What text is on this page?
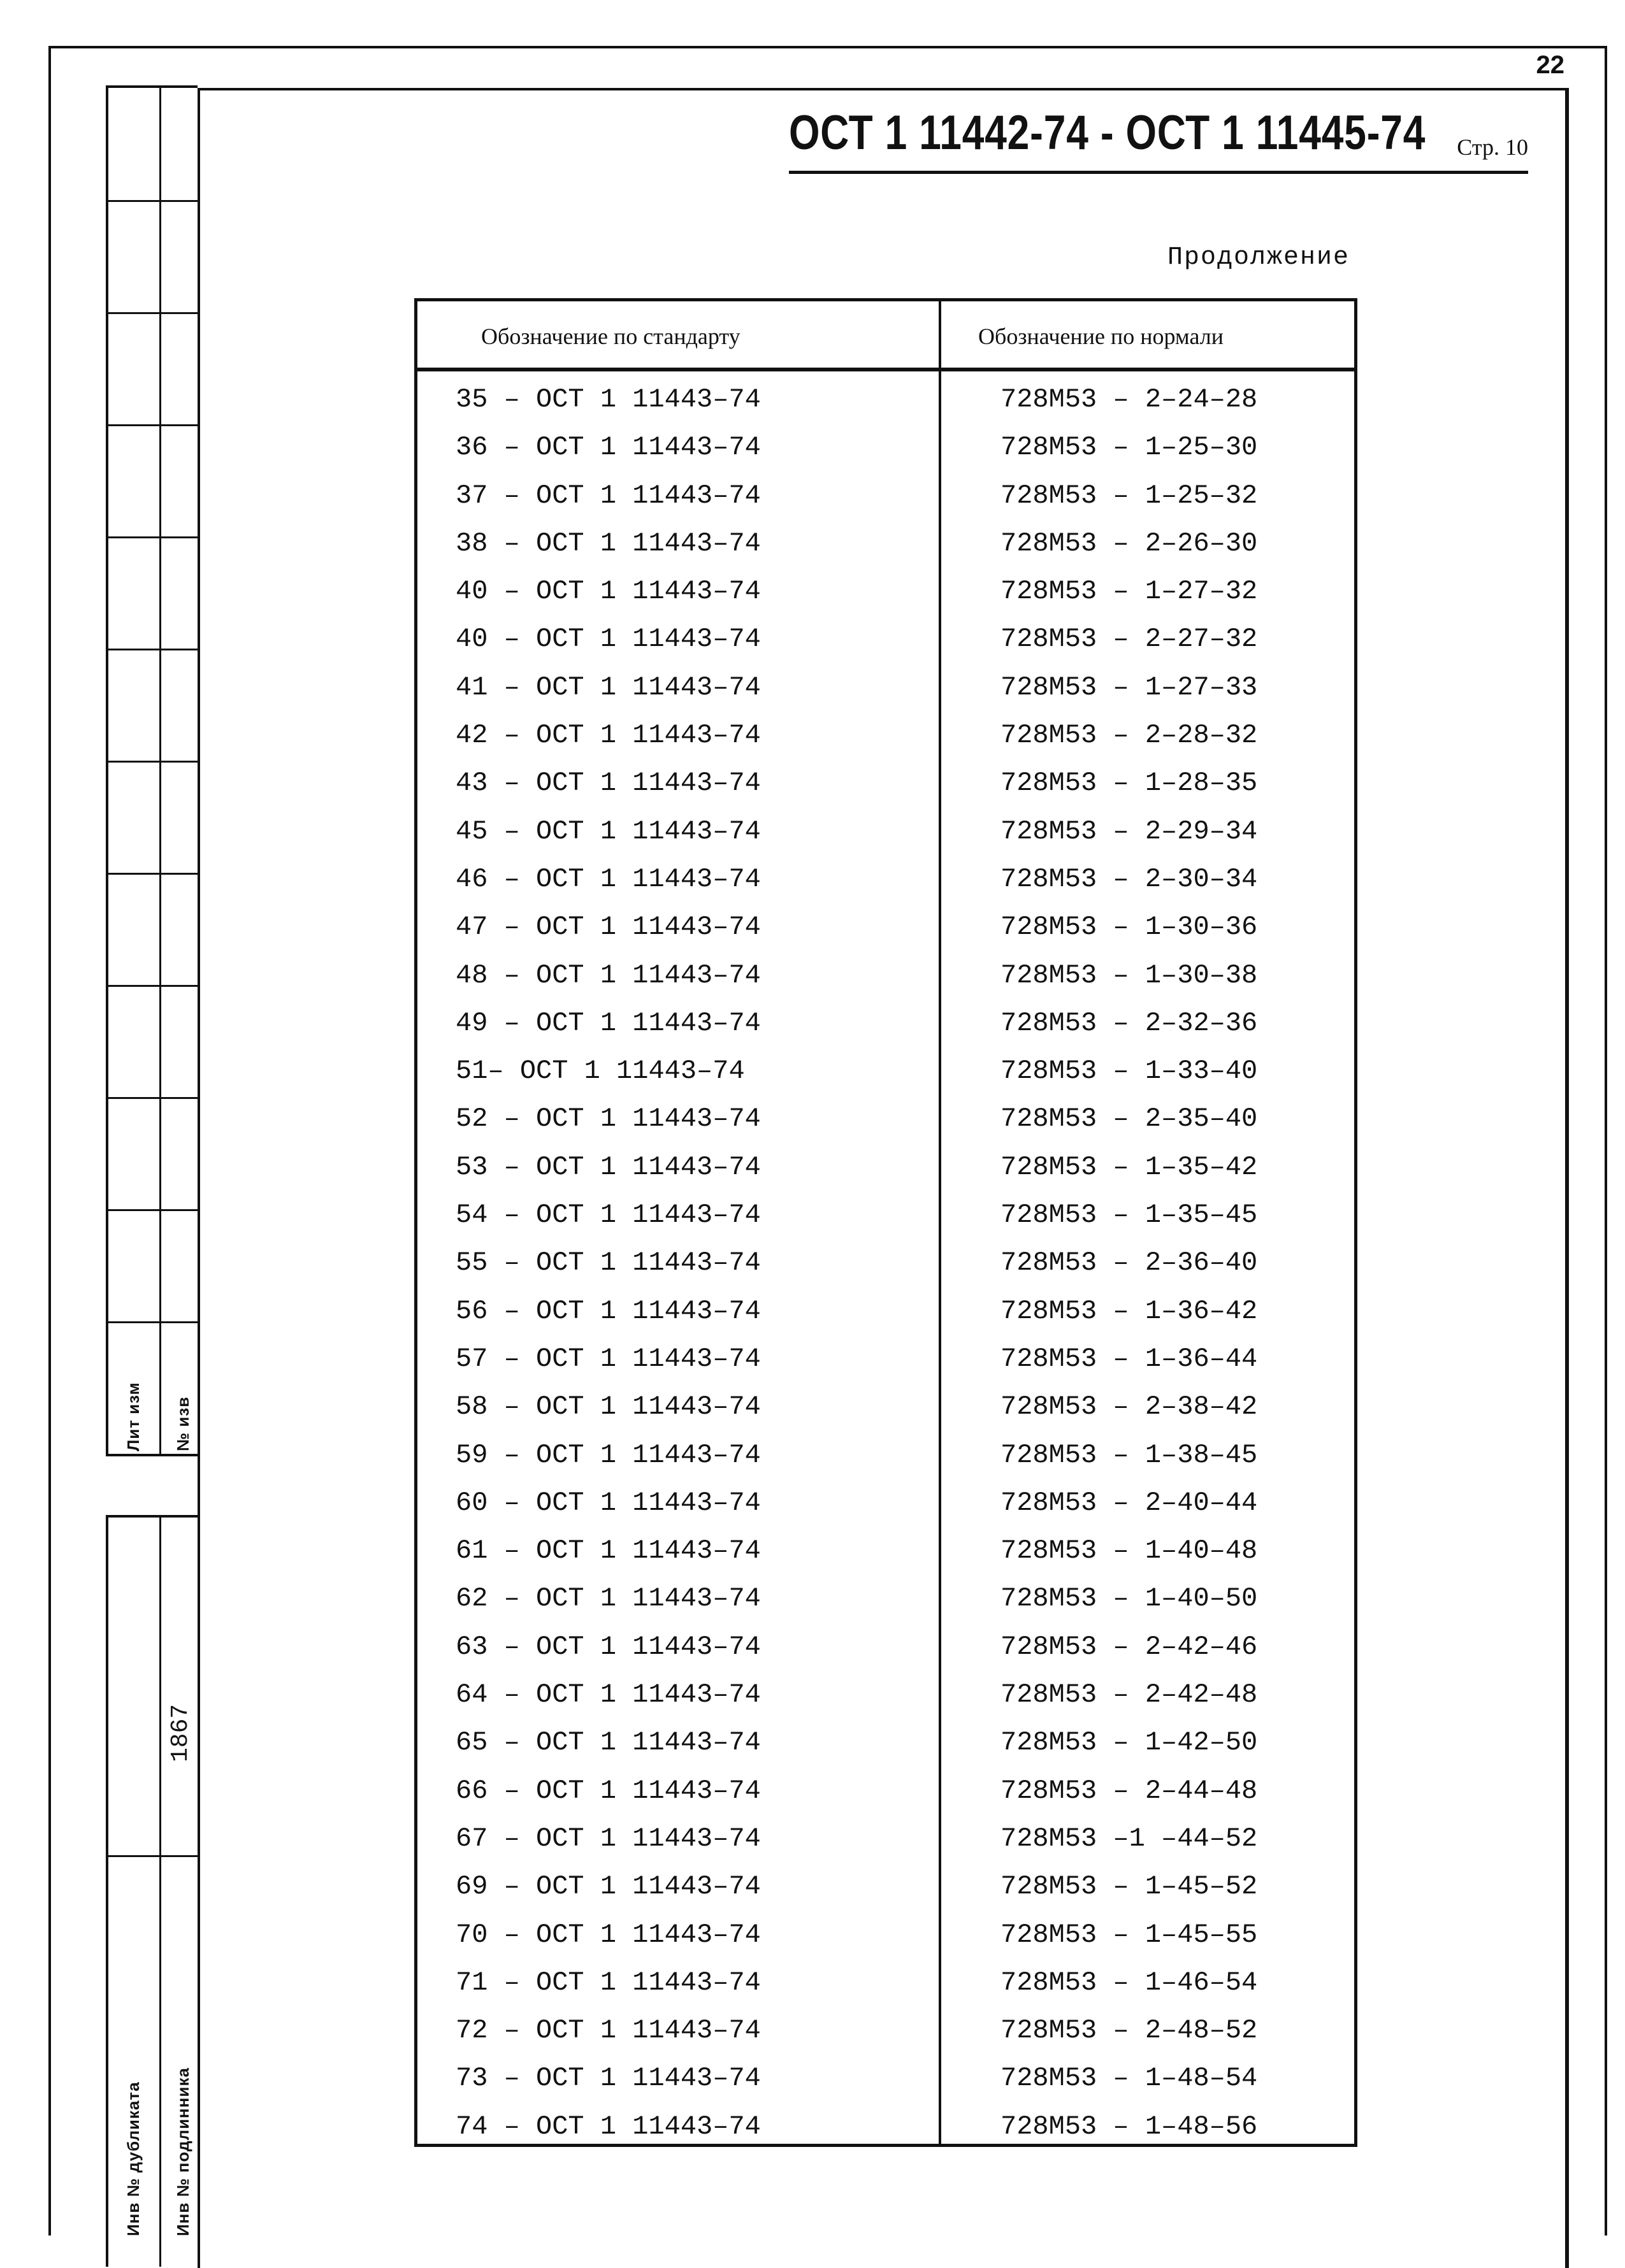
22
Лит изм № изв
1867
Инв № дубликата Инв № подлинника
ОСТ 1 11442-74 - ОСТ 1 11445-74 Стр. 10
Продолжение
Обозначение по стандарту	Обозначение по нормали
35 – ОСТ 1 11443–74	728М53 – 2–24–28
36 – ОСТ 1 11443–74	728М53 – 1–25–30
37 – ОСТ 1 11443–74	728М53 – 1–25–32
38 – ОСТ 1 11443–74	728М53 – 2–26–30
40 – ОСТ 1 11443–74	728М53 – 1–27–32
40 – ОСТ 1 11443–74	728М53 – 2–27–32
41 – ОСТ 1 11443–74	728М53 – 1–27–33
42 – ОСТ 1 11443–74	728М53 – 2–28–32
43 – ОСТ 1 11443–74	728М53 – 1–28–35
45 – ОСТ 1 11443–74	728М53 – 2–29–34
46 – ОСТ 1 11443–74	728М53 – 2–30–34
47 – ОСТ 1 11443–74	728М53 – 1–30–36
48 – ОСТ 1 11443–74	728М53 – 1–30–38
49 – ОСТ 1 11443–74	728М53 – 2–32–36
51– ОСТ 1 11443–74	728М53 – 1–33–40
52 – ОСТ 1 11443–74	728М53 – 2–35–40
53 – ОСТ 1 11443–74	728М53 – 1–35–42
54 – ОСТ 1 11443–74	728М53 – 1–35–45
55 – ОСТ 1 11443–74	728М53 – 2–36–40
56 – ОСТ 1 11443–74	728М53 – 1–36–42
57 – ОСТ 1 11443–74	728М53 – 1–36–44
58 – ОСТ 1 11443–74	728М53 – 2–38–42
59 – ОСТ 1 11443–74	728М53 – 1–38–45
60 – ОСТ 1 11443–74	728М53 – 2–40–44
61 – ОСТ 1 11443–74	728М53 – 1–40–48
62 – ОСТ 1 11443–74	728М53 – 1–40–50
63 – ОСТ 1 11443–74	728М53 – 2–42–46
64 – ОСТ 1 11443–74	728М53 – 2–42–48
65 – ОСТ 1 11443–74	728М53 – 1–42–50
66 – ОСТ 1 11443–74	728М53 – 2–44–48
67 – ОСТ 1 11443–74	728М53 –1 –44–52
69 – ОСТ 1 11443–74	728М53 – 1–45–52
70 – ОСТ 1 11443–74	728М53 – 1–45–55
71 – ОСТ 1 11443–74	728М53 – 1–46–54
72 – ОСТ 1 11443–74	728М53 – 2–48–52
73 – ОСТ 1 11443–74	728М53 – 1–48–54
74 – ОСТ 1 11443–74	728М53 – 1–48–56
